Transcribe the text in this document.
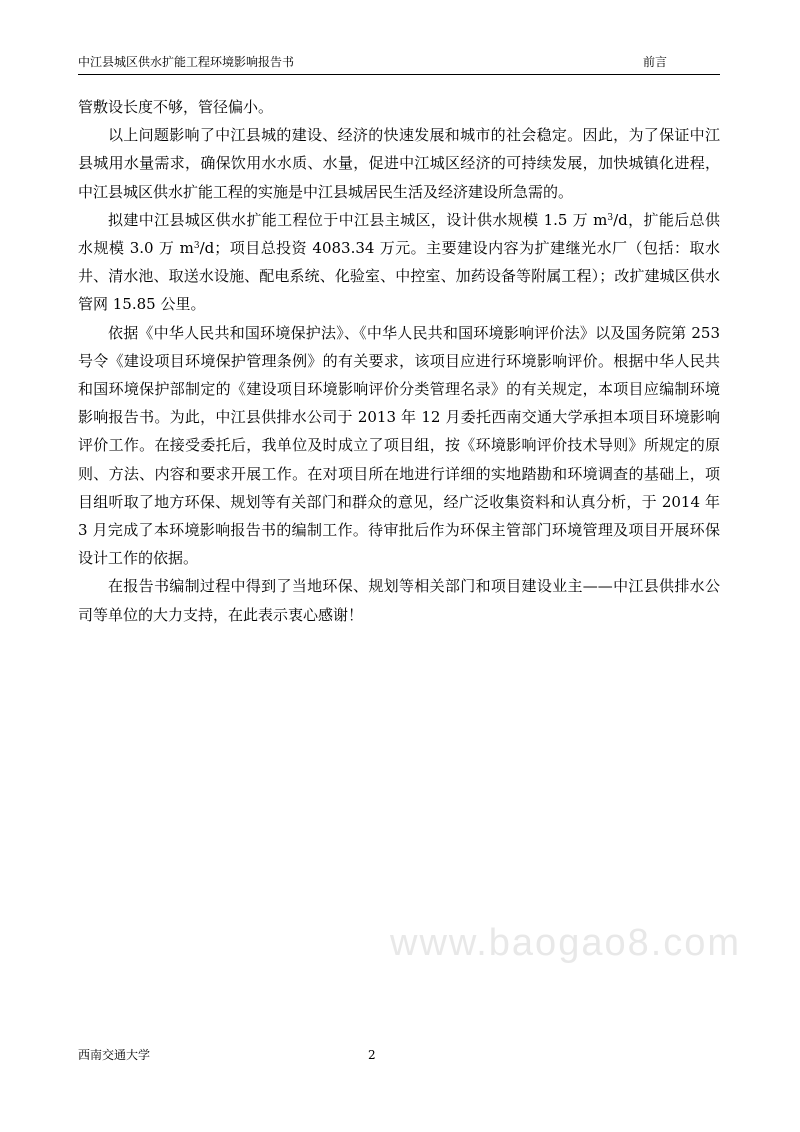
中江县城区供水扩能工程环境影响报告书	前言

管敷设长度不够，管径偏小。

以上问题影响了中江县城的建设、经济的快速发展和城市的社会稳定。因此，为了保证中江县城用水量需求，确保饮用水水质、水量，促进中江城区经济的可持续发展，加快城镇化进程，中江县城区供水扩能工程的实施是中江县城居民生活及经济建设所急需的。

拟建中江县城区供水扩能工程位于中江县主城区，设计供水规模 1.5 万 $m^3/d$，扩能后总供水规模 3.0 万 $m^3/d$；项目总投资 4083.34 万元。主要建设内容为扩建继光水厂（包括：取水井、清水池、取送水设施、配电系统、化验室、中控室、加药设备等附属工程）；改扩建城区供水管网 15.85 公里。

依据《中华人民共和国环境保护法》、《中华人民共和国环境影响评价法》以及国务院第 253 号令《建设项目环境保护管理条例》的有关要求，该项目应进行环境影响评价。根据中华人民共和国环境保护部制定的《建设项目环境影响评价分类管理名录》的有关规定，本项目应编制环境影响报告书。为此，中江县供排水公司于 2013 年 12 月委托西南交通大学承担本项目环境影响评价工作。在接受委托后，我单位及时成立了项目组，按《环境影响评价技术导则》所规定的原则、方法、内容和要求开展工作。在对项目所在地进行详细的实地踏勘和环境调查的基础上，项目组听取了地方环保、规划等有关部门和群众的意见，经广泛收集资料和认真分析，于 2014 年 3 月完成了本环境影响报告书的编制工作。待审批后作为环保主管部门环境管理及项目开展环保设计工作的依据。

在报告书编制过程中得到了当地环保、规划等相关部门和项目建设业主——中江县供排水公司等单位的大力支持，在此表示衷心感谢！

www.baogao8.com
西南交通大学	2
